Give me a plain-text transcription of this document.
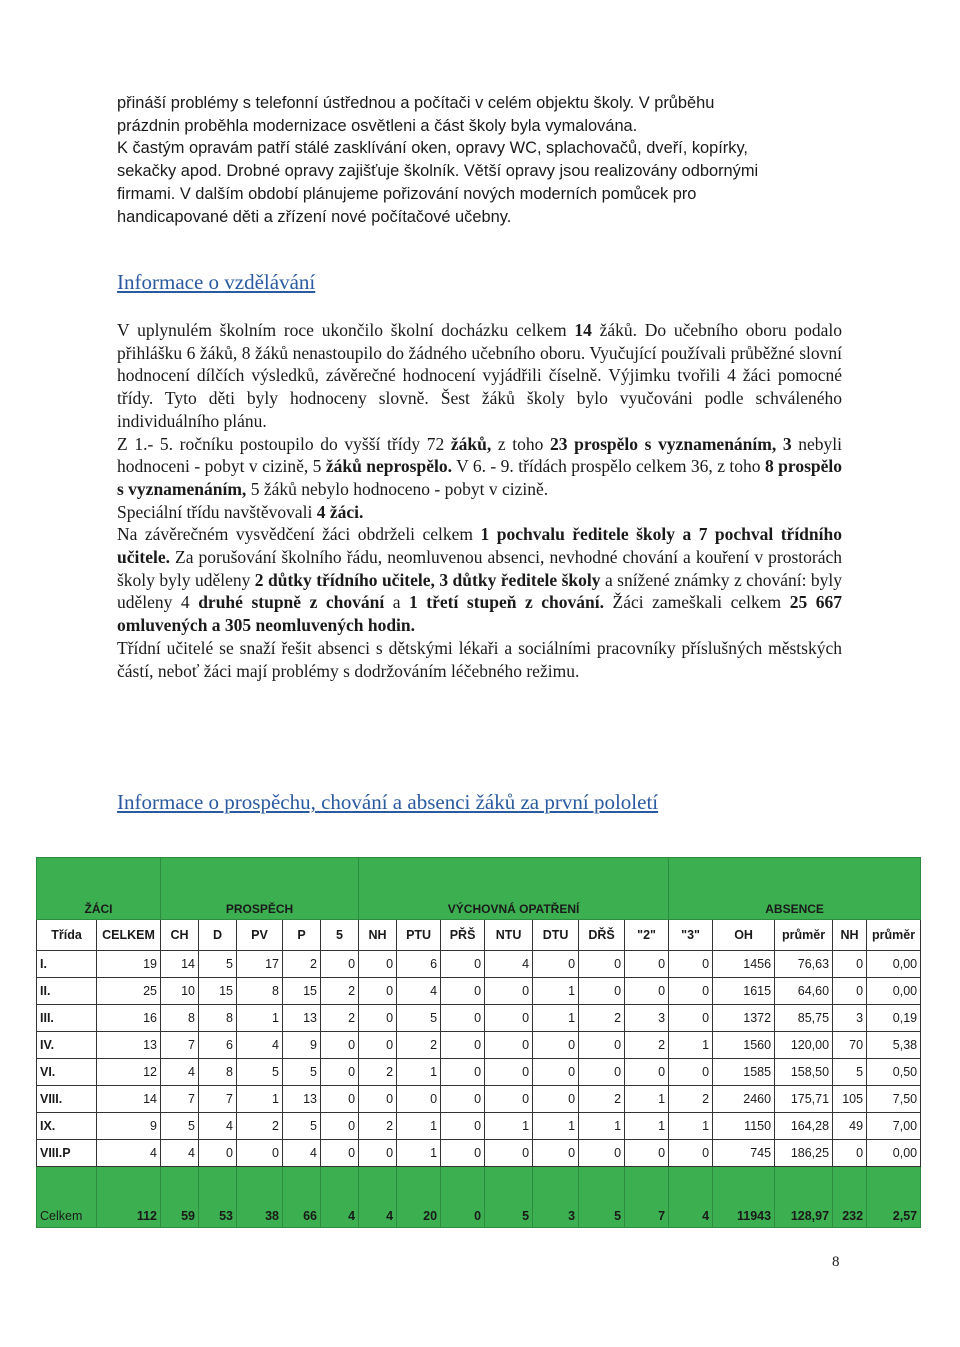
přináší problémy s telefonní ústřednou a počítači v celém objektu školy. V průběhu

prázdnin proběhla modernizace osvětleni a část školy byla vymalována.

K častým opravám patří stálé zasklívání oken, opravy WC, splachovačů, dveří, kopírky,

sekačky apod. Drobné opravy zajišťuje školník. Větší opravy jsou realizovány odbornými

firmami. V dalším období plánujeme pořizování nových moderních pomůcek pro

handicapované děti a zřízení nové počítačové učebny.

Informace o vzdělávání

V uplynulém školním roce ukončilo školní docházku celkem 14 žáků. Do učebního oboru podalo přihlášku 6 žáků, 8 žáků nenastoupilo do žádného učebního oboru. Vyučující používali průběžné slovní hodnocení dílčích výsledků, závěrečné hodnocení vyjádřili číselně. Výjimku tvořili 4 žáci pomocné třídy. Tyto děti byly hodnoceny slovně. Šest žáků školy bylo vyučováni podle schváleného individuálního plánu.

Z 1.- 5. ročníku postoupilo do vyšší třídy 72 žáků, z toho 23 prospělo s vyznamenáním, 3 nebyli hodnoceni - pobyt v cizině, 5 žáků neprospělo. V 6. - 9. třídách prospělo celkem 36, z toho 8 prospělo s vyznamenáním, 5 žáků nebylo hodnoceno - pobyt v cizině.

Speciální třídu navštěvovali 4 žáci.

Na závěrečném vysvědčení žáci obdrželi celkem 1 pochvalu ředitele školy a 7 pochval třídního učitele. Za porušování školního řádu, neomluvenou absenci, nevhodné chování a kouření v prostorách školy byly uděleny 2 důtky třídního učitele, 3 důtky ředitele školy a snížené známky z chování: byly uděleny 4 druhé stupně z chování a 1 třetí stupeň z chování. Žáci zameškali celkem 25 667 omluvených a 305 neomluvených hodin.

Třídní učitelé se snaží řešit absenci s dětskými lékaři a sociálními pracovníky příslušných městských částí, neboť žáci mají problémy s dodržováním léčebného režimu.

Informace o prospěchu, chování a absenci žáků za první pololetí
ŽÁCI		PROSPĚCH					VÝCHOVNÁ OPATŘENÍ							ABSENCE				
Třída	CELKEM	CH	D	PV	P	5	NH	PTU	PŘŠ	NTU	DTU	DŘŠ	"2"	"3"	OH	průměr	NH	průměr
I.	19	14	5	17	2	0	0	6	0	4	0	0	0	0	1456	76,63	0	0,00
II.	25	10	15	8	15	2	0	4	0	0	1	0	0	0	1615	64,60	0	0,00
III.	16	8	8	1	13	2	0	5	0	0	1	2	3	0	1372	85,75	3	0,19
IV.	13	7	6	4	9	0	0	2	0	0	0	0	2	1	1560	120,00	70	5,38
VI.	12	4	8	5	5	0	2	1	0	0	0	0	0	0	1585	158,50	5	0,50
VIII.	14	7	7	1	13	0	0	0	0	0	0	2	1	2	2460	175,71	105	7,50
IX.	9	5	4	2	5	0	2	1	0	1	1	1	1	1	1150	164,28	49	7,00
VIII.P	4	4	0	0	4	0	0	1	0	0	0	0	0	0	745	186,25	0	0,00
Celkem	112	59	53	38	66	4	4	20	0	5	3	5	7	4	11943	128,97	232	2,57
8
